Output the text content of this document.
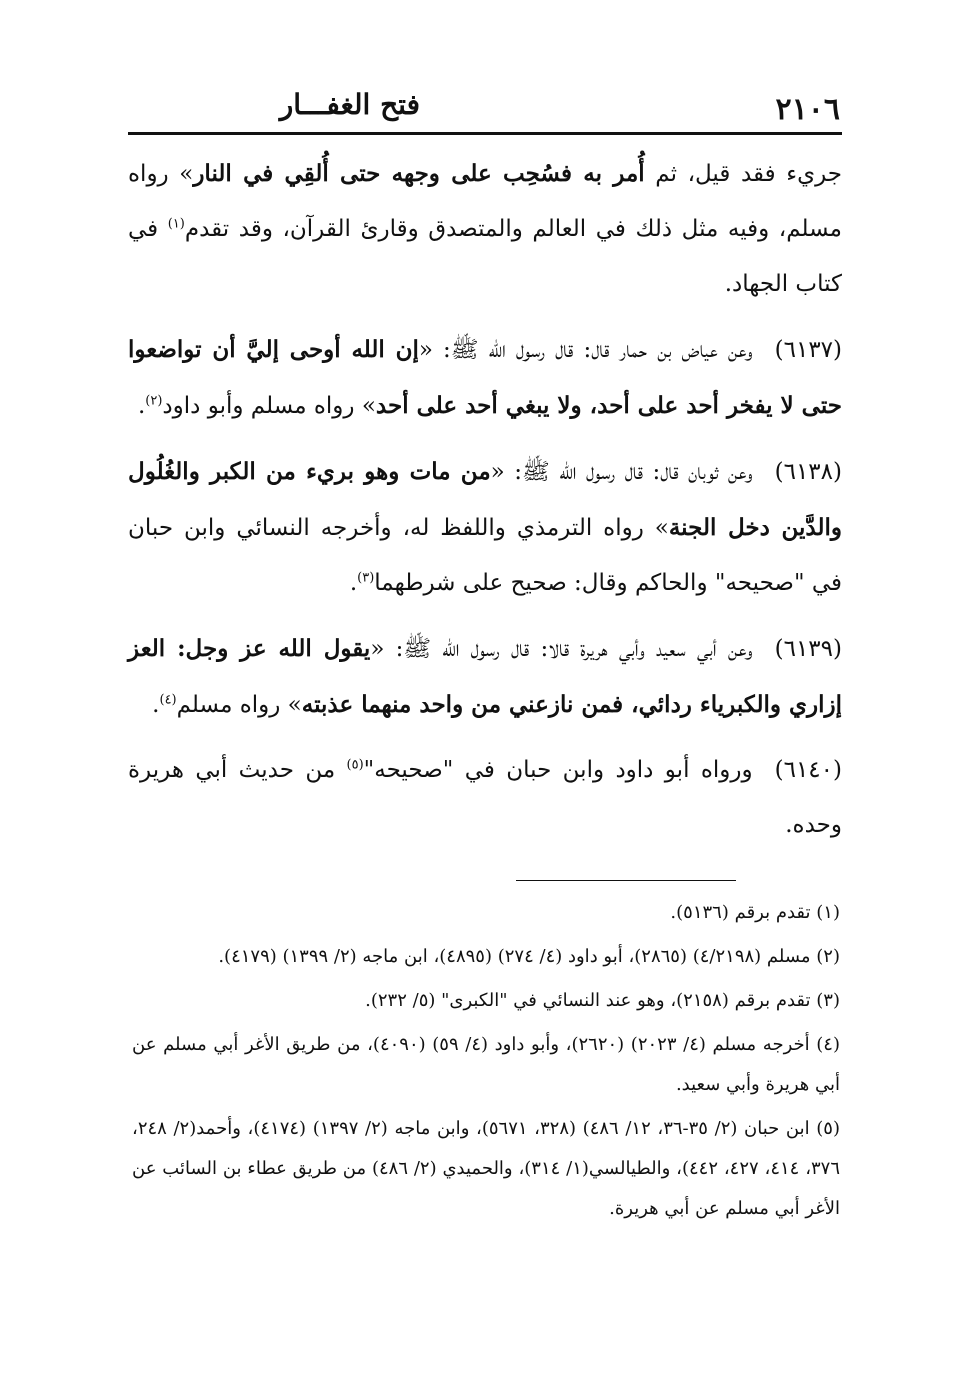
٢١٠٦
فتح الغفـــار

جريء فقد قيل، ثم أُمر به فسُحِب على وجهه حتى أُلقِي في النار» رواه مسلم، وفيه مثل ذلك في العالم والمتصدق وقارئ القرآن، وقد تقدم$^{(١)}$ في كتاب الجهاد.

(٦١٣٧)وعن عياض بن حمار قال: قال رسول الله ﷺ: «إن الله أوحى إليَّ أن تواضعوا حتى لا يفخر أحد على أحد، ولا يبغي أحد على أحد» رواه مسلم وأبو داود$^{(٢)}$.

(٦١٣٨)وعن ثوبان قال: قال رسول الله ﷺ: «من مات وهو بريء من الكبر والغُلُول والدَّين دخل الجنة» رواه الترمذي واللفظ له، وأخرجه النسائي وابن حبان في "صحيحه" والحاكم وقال: صحيح على شرطهما$^{(٣)}$.

(٦١٣٩)وعن أبي سعيد وأبي هريرة قالا: قال رسول الله ﷺ: «يقول الله عز وجل: العز إزاري والكبرياء ردائي، فمن نازعني من واحد منهما عذبته» رواه مسلم$^{(٤)}$.

(٦١٤٠)ورواه أبو داود وابن حبان في "صحيحه"$^{(٥)}$ من حديث أبي هريرة وحده.

(١) تقدم برقم (٥١٣٦).

(٢) مسلم (٤/٢١٩٨) (٢٨٦٥)، أبو داود (٤/ ٢٧٤) (٤٨٩٥)، ابن ماجه (٢/ ١٣٩٩) (٤١٧٩).

(٣) تقدم برقم (٢١٥٨)، وهو عند النسائي في "الكبرى" (٥/ ٢٣٢).

(٤) أخرجه مسلم (٤/ ٢٠٢٣) (٢٦٢٠)، وأبو داود (٤/ ٥٩) (٤٠٩٠)، من طريق الأغر أبي مسلم عن أبي هريرة وأبي سعيد.

(٥) ابن حبان (٢/ ٣٥-٣٦، ١٢/ ٤٨٦) (٣٢٨، ٥٦٧١)، وابن ماجه (٢/ ١٣٩٧) (٤١٧٤)، وأحمد(٢/ ٢٤٨، ٣٧٦، ٤١٤، ٤٢٧، ٤٤٢)، والطيالسي(١/ ٣١٤)، والحميدي (٢/ ٤٨٦) من طريق عطاء بن السائب عن الأغر أبي مسلم عن أبي هريرة.
